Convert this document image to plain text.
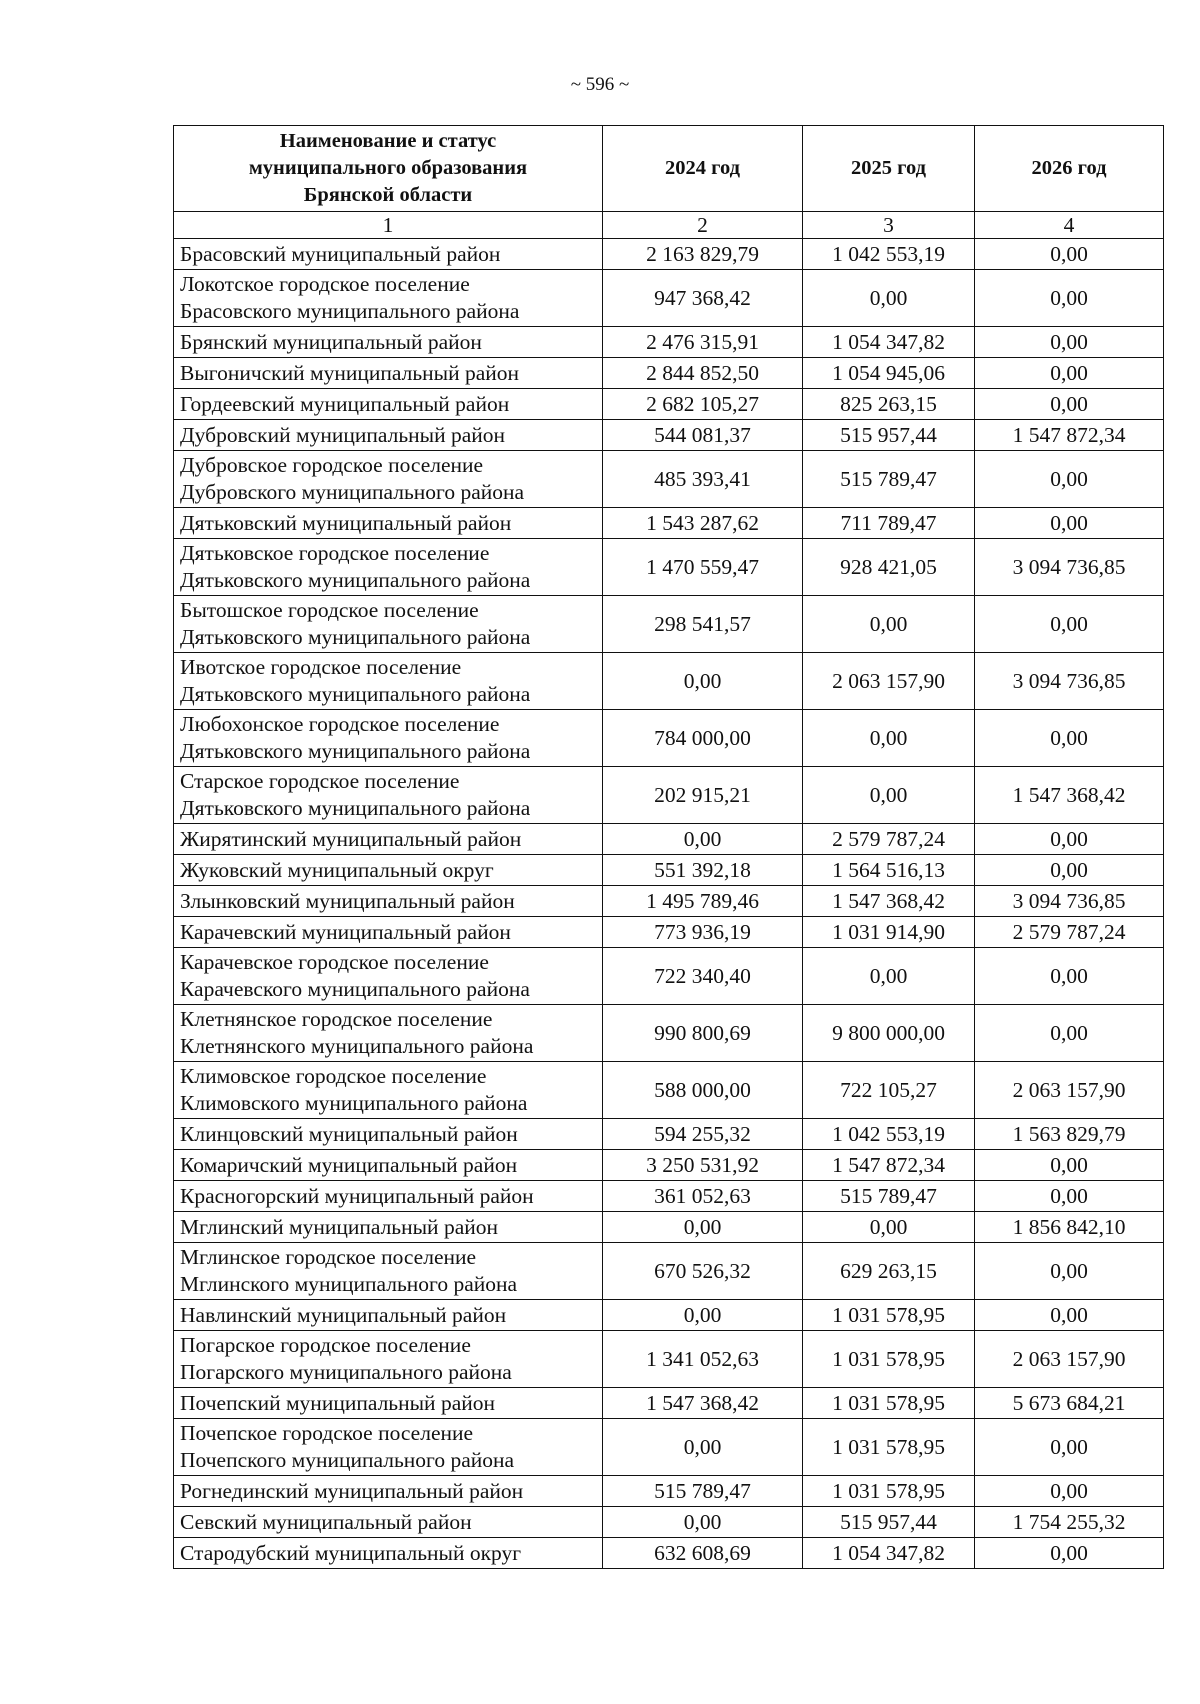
~ 596 ~
Наименование и статус
муниципального образования
Брянской области	2024 год	2025 год	2026 год
1	2	3	4
Брасовский муниципальный район	2 163 829,79	1 042 553,19	0,00
Локотское городское поселение
Брасовского муниципального района	947 368,42	0,00	0,00
Брянский муниципальный район	2 476 315,91	1 054 347,82	0,00
Выгоничский муниципальный район	2 844 852,50	1 054 945,06	0,00
Гордеевский муниципальный район	2 682 105,27	825 263,15	0,00
Дубровский муниципальный район	544 081,37	515 957,44	1 547 872,34
Дубровское городское поселение
Дубровского муниципального района	485 393,41	515 789,47	0,00
Дятьковский муниципальный район	1 543 287,62	711 789,47	0,00
Дятьковское городское поселение
Дятьковского муниципального района	1 470 559,47	928 421,05	3 094 736,85
Бытошское городское поселение
Дятьковского муниципального района	298 541,57	0,00	0,00
Ивотское городское поселение
Дятьковского муниципального района	0,00	2 063 157,90	3 094 736,85
Любохонское городское поселение
Дятьковского муниципального района	784 000,00	0,00	0,00
Старское городское поселение
Дятьковского муниципального района	202 915,21	0,00	1 547 368,42
Жирятинский муниципальный район	0,00	2 579 787,24	0,00
Жуковский муниципальный округ	551 392,18	1 564 516,13	0,00
Злынковский муниципальный район	1 495 789,46	1 547 368,42	3 094 736,85
Карачевский муниципальный район	773 936,19	1 031 914,90	2 579 787,24
Карачевское городское поселение
Карачевского муниципального района	722 340,40	0,00	0,00
Клетнянское городское поселение
Клетнянского муниципального района	990 800,69	9 800 000,00	0,00
Климовское городское поселение
Климовского муниципального района	588 000,00	722 105,27	2 063 157,90
Клинцовский муниципальный район	594 255,32	1 042 553,19	1 563 829,79
Комаричский муниципальный район	3 250 531,92	1 547 872,34	0,00
Красногорский муниципальный район	361 052,63	515 789,47	0,00
Мглинский муниципальный район	0,00	0,00	1 856 842,10
Мглинское городское поселение
Мглинского муниципального района	670 526,32	629 263,15	0,00
Навлинский муниципальный район	0,00	1 031 578,95	0,00
Погарское городское поселение
Погарского муниципального района	1 341 052,63	1 031 578,95	2 063 157,90
Почепский муниципальный район	1 547 368,42	1 031 578,95	5 673 684,21
Почепское городское поселение
Почепского муниципального района	0,00	1 031 578,95	0,00
Рогнединский муниципальный район	515 789,47	1 031 578,95	0,00
Севский муниципальный район	0,00	515 957,44	1 754 255,32
Стародубский муниципальный округ	632 608,69	1 054 347,82	0,00
